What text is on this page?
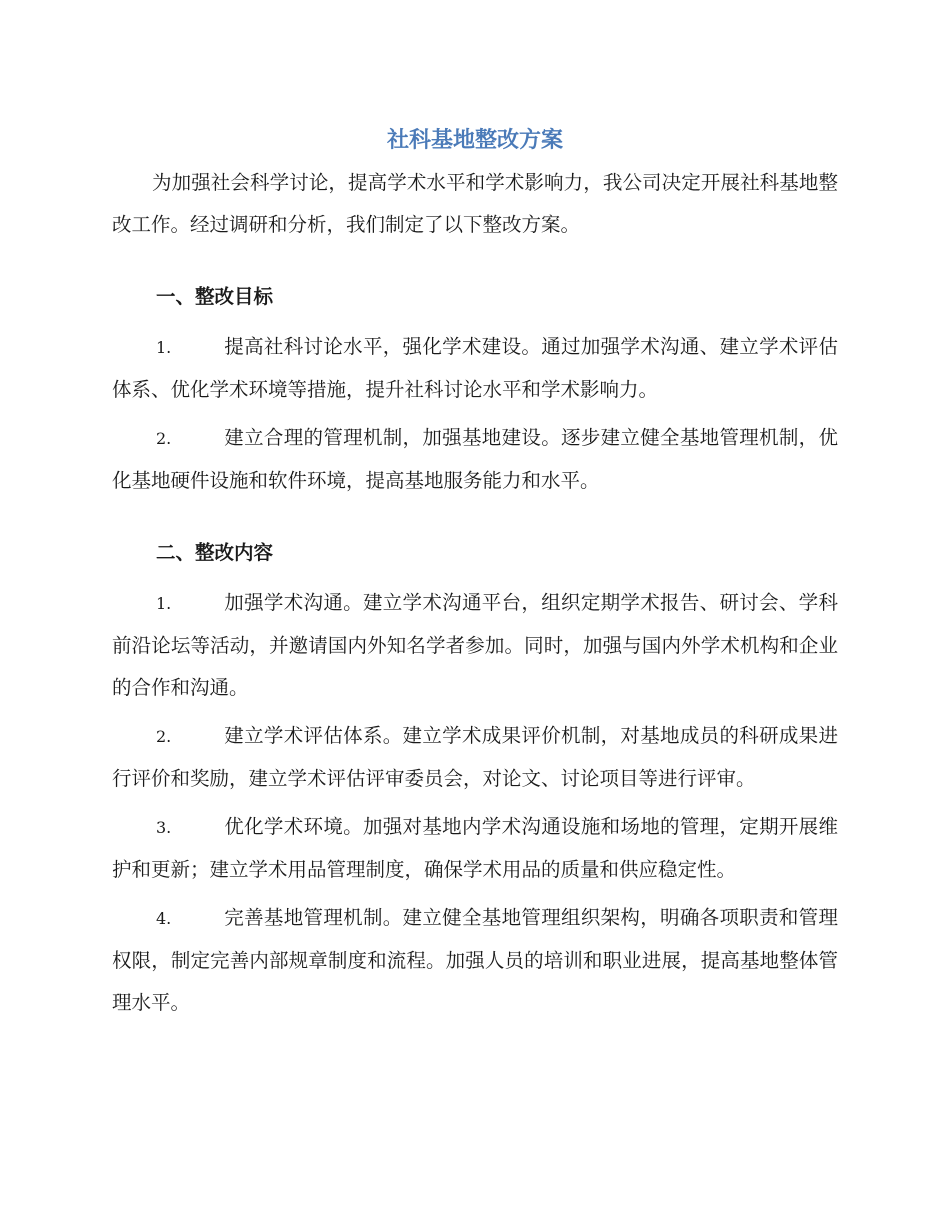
社科基地整改方案

为加强社会科学讨论，提高学术水平和学术影响力，我公司决定开展社科基地整改工作。经过调研和分析，我们制定了以下整改方案。

一、整改目标

1.	提高社科讨论水平，强化学术建设。通过加强学术沟通、建立学术评估体系、优化学术环境等措施，提升社科讨论水平和学术影响力。

2.	建立合理的管理机制，加强基地建设。逐步建立健全基地管理机制，优化基地硬件设施和软件环境，提高基地服务能力和水平。

二、整改内容

1.	加强学术沟通。建立学术沟通平台，组织定期学术报告、研讨会、学科前沿论坛等活动，并邀请国内外知名学者参加。同时，加强与国内外学术机构和企业的合作和沟通。

2.	建立学术评估体系。建立学术成果评价机制，对基地成员的科研成果进行评价和奖励，建立学术评估评审委员会，对论文、讨论项目等进行评审。

3.	优化学术环境。加强对基地内学术沟通设施和场地的管理，定期开展维护和更新；建立学术用品管理制度，确保学术用品的质量和供应稳定性。

4.	完善基地管理机制。建立健全基地管理组织架构，明确各项职责和管理权限，制定完善内部规章制度和流程。加强人员的培训和职业进展，提高基地整体管理水平。
